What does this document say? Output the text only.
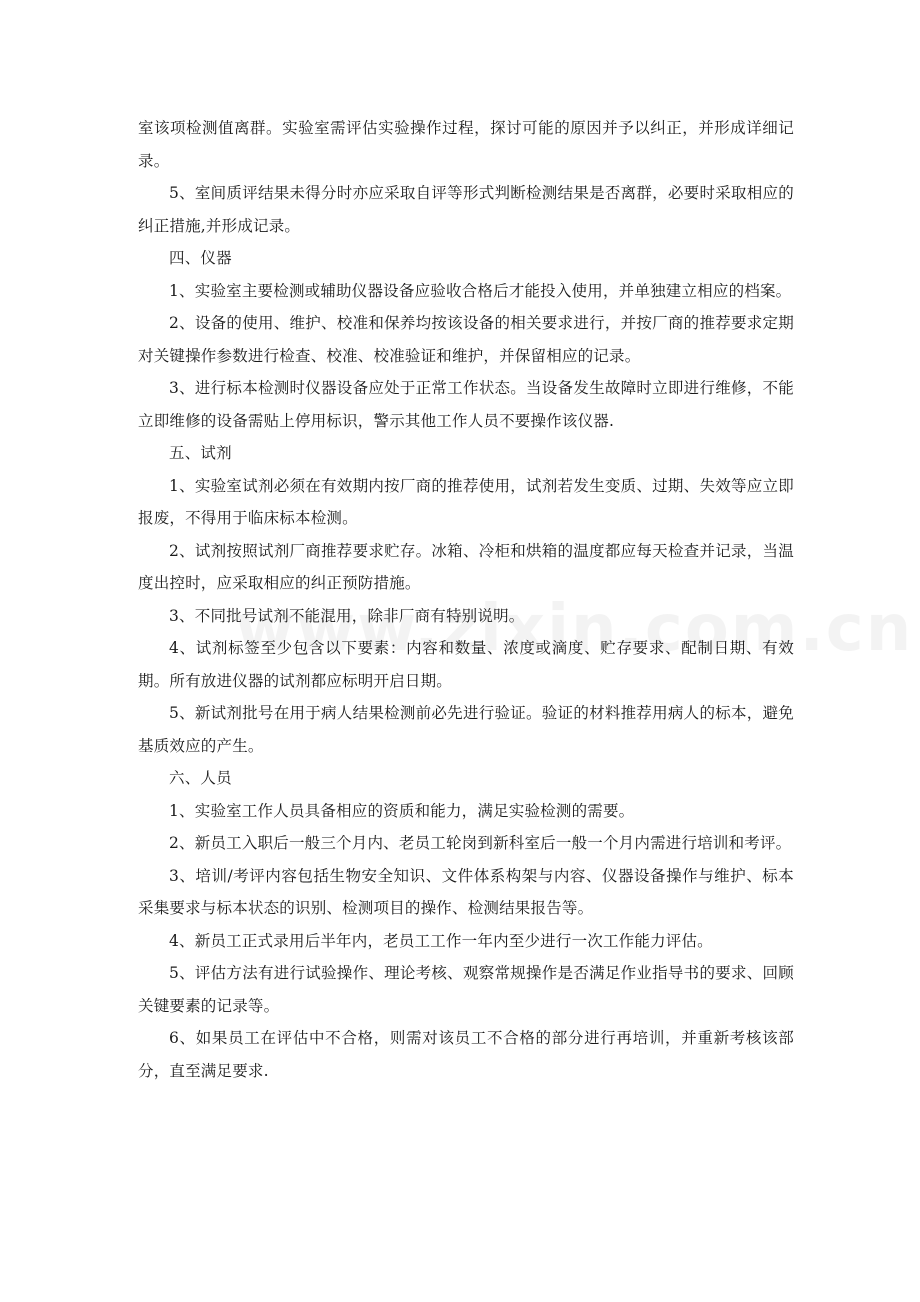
室该项检测值离群。实验室需评估实验操作过程，探讨可能的原因并予以纠正，并形成详细记录。

5、室间质评结果未得分时亦应采取自评等形式判断检测结果是否离群，必要时采取相应的纠正措施,并形成记录。

四、仪器

1、实验室主要检测或辅助仪器设备应验收合格后才能投入使用，并单独建立相应的档案。

2、设备的使用、维护、校准和保养均按该设备的相关要求进行，并按厂商的推荐要求定期对关键操作参数进行检查、校准、校准验证和维护，并保留相应的记录。

3、进行标本检测时仪器设备应处于正常工作状态。当设备发生故障时立即进行维修，不能立即维修的设备需贴上停用标识，警示其他工作人员不要操作该仪器.

五、试剂

1、实验室试剂必须在有效期内按厂商的推荐使用，试剂若发生变质、过期、失效等应立即报废，不得用于临床标本检测。

2、试剂按照试剂厂商推荐要求贮存。冰箱、冷柜和烘箱的温度都应每天检查并记录，当温度出控时，应采取相应的纠正预防措施。

3、不同批号试剂不能混用，除非厂商有特别说明。

4、试剂标签至少包含以下要素：内容和数量、浓度或滴度、贮存要求、配制日期、有效期。所有放进仪器的试剂都应标明开启日期。

5、新试剂批号在用于病人结果检测前必先进行验证。验证的材料推荐用病人的标本，避免基质效应的产生。

六、人员

1、实验室工作人员具备相应的资质和能力，满足实验检测的需要。

2、新员工入职后一般三个月内、老员工轮岗到新科室后一般一个月内需进行培训和考评。

3、培训/考评内容包括生物安全知识、文件体系构架与内容、仪器设备操作与维护、标本采集要求与标本状态的识别、检测项目的操作、检测结果报告等。

4、新员工正式录用后半年内，老员工工作一年内至少进行一次工作能力评估。

5、评估方法有进行试验操作、理论考核、观察常规操作是否满足作业指导书的要求、回顾关键要素的记录等。

6、如果员工在评估中不合格，则需对该员工不合格的部分进行再培训，并重新考核该部分，直至满足要求.
